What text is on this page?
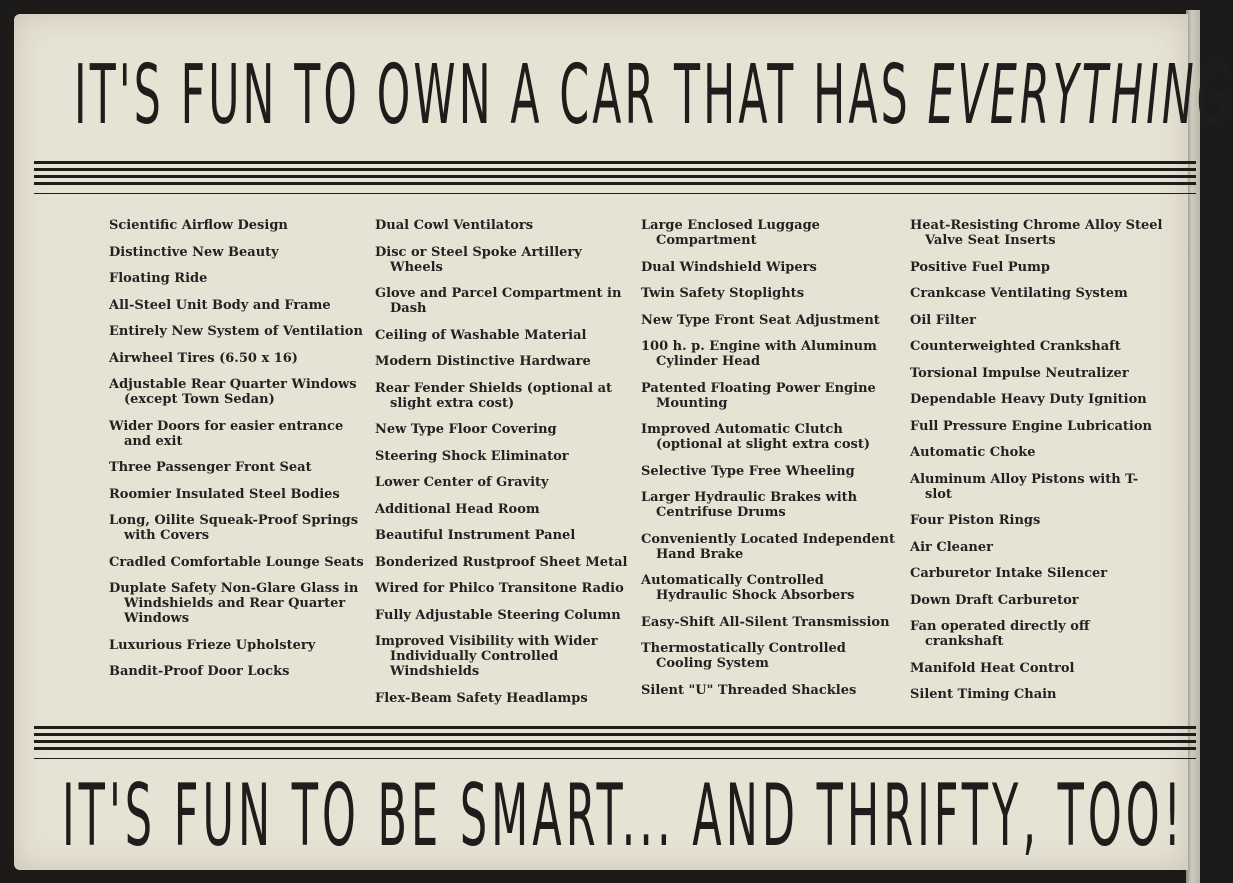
IT'S FUN TO OWN A CAR THAT HAS EVERYTHING
Scientific Airflow Design
Distinctive New Beauty
Floating Ride
All-Steel Unit Body and Frame
Entirely New System of Ventilation
Airwheel Tires (6.50 x 16)
Adjustable Rear Quarter Windows (except Town Sedan)
Wider Doors for easier entrance and exit
Three Passenger Front Seat
Roomier Insulated Steel Bodies
Long, Oilite Squeak-Proof Springs with Covers
Cradled Comfortable Lounge Seats
Duplate Safety Non-Glare Glass in Windshields and Rear Quarter Windows
Luxurious Frieze Upholstery
Bandit-Proof Door Locks
Dual Cowl Ventilators
Disc or Steel Spoke Artillery Wheels
Glove and Parcel Compartment in Dash
Ceiling of Washable Material
Modern Distinctive Hardware
Rear Fender Shields (optional at slight extra cost)
New Type Floor Covering
Steering Shock Eliminator
Lower Center of Gravity
Additional Head Room
Beautiful Instrument Panel
Bonderized Rustproof Sheet Metal
Wired for Philco Transitone Radio
Fully Adjustable Steering Column
Improved Visibility with Wider Individually Controlled Windshields
Flex-Beam Safety Headlamps
Large Enclosed Luggage Compartment
Dual Windshield Wipers
Twin Safety Stoplights
New Type Front Seat Adjustment
100 h. p. Engine with Aluminum Cylinder Head
Patented Floating Power Engine Mounting
Improved Automatic Clutch (optional at slight extra cost)
Selective Type Free Wheeling
Larger Hydraulic Brakes with Centrifuse Drums
Conveniently Located Independent Hand Brake
Automatically Controlled Hydraulic Shock Absorbers
Easy-Shift All-Silent Transmission
Thermostatically Controlled Cooling System
Silent "U" Threaded Shackles
Heat-Resisting Chrome Alloy Steel Valve Seat Inserts
Positive Fuel Pump
Crankcase Ventilating System
Oil Filter
Counterweighted Crankshaft
Torsional Impulse Neutralizer
Dependable Heavy Duty Ignition
Full Pressure Engine Lubrication
Automatic Choke
Aluminum Alloy Pistons with T-slot
Four Piston Rings
Air Cleaner
Carburetor Intake Silencer
Down Draft Carburetor
Fan operated directly off crankshaft
Manifold Heat Control
Silent Timing Chain
IT'S FUN TO BE SMART... AND THRIFTY, TOO!
